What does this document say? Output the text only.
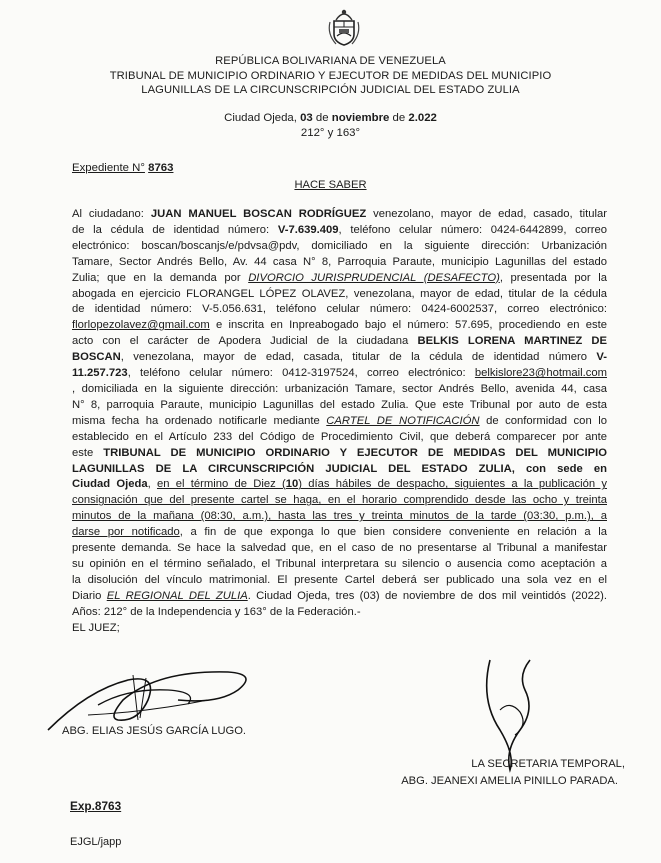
REPÚBLICA BOLIVARIANA DE VENEZUELA
TRIBUNAL DE MUNICIPIO ORDINARIO Y EJECUTOR DE MEDIDAS DEL MUNICIPIO
LAGUNILLAS DE LA CIRCUNSCRIPCIÓN JUDICIAL DEL ESTADO ZULIA
Ciudad Ojeda, 03 de noviembre de 2.022
212° y 163°
Expediente N° 8763
HACE SABER
Al ciudadano: JUAN MANUEL BOSCAN RODRÍGUEZ venezolano, mayor de edad, casado, titular
de la cédula de identidad número: V-7.639.409, teléfono celular número: 0424-6442899, correo
electrónico: boscan/boscanjs/e/pdvsa@pdv, domiciliado en la siguiente dirección: Urbanización
Tamare, Sector Andrés Bello, Av. 44 casa N° 8, Parroquia Paraute, municipio Lagunillas del estado
Zulia; que en la demanda por DIVORCIO JURISPRUDENCIAL (DESAFECTO), presentada por la
abogada en ejercicio FLORANGEL LÓPEZ OLAVEZ, venezolana, mayor de edad, titular de la cédula
de identidad número: V-5.056.631, teléfono celular número: 0424-6002537, correo electrónico:
florlopezolavez@gmail.com e inscrita en Inpreabogado bajo el número: 57.695, procediendo en este
acto con el carácter de Apodera Judicial de la ciudadana BELKIS LORENA MARTINEZ DE
BOSCAN, venezolana, mayor de edad, casada, titular de la cédula de identidad número V-
11.257.723, teléfono celular número: 0412-3197524, correo electrónico: belkislore23@hotmail.com
, domiciliada en la siguiente dirección: urbanización Tamare, sector Andrés Bello, avenida 44, casa
N° 8, parroquia Paraute, municipio Lagunillas del estado Zulia. Que este Tribunal por auto de esta
misma fecha ha ordenado notificarle mediante CARTEL DE NOTIFICACIÓN de conformidad con lo
establecido en el Artículo 233 del Código de Procedimiento Civil, que deberá comparecer por ante
este TRIBUNAL DE MUNICIPIO ORDINARIO Y EJECUTOR DE MEDIDAS DEL MUNICIPIO
LAGUNILLAS DE LA CIRCUNSCRIPCIÓN JUDICIAL DEL ESTADO ZULIA, con sede en
Ciudad Ojeda, en el término de Diez (10) días hábiles de despacho, siguientes a la publicación y
consignación que del presente cartel se haga, en el horario comprendido desde las ocho y treinta
minutos de la mañana (08:30, a.m.), hasta las tres y treinta minutos de la tarde (03:30, p.m.), a
darse por notificado, a fin de que exponga lo que bien considere conveniente en relación a la
presente demanda. Se hace la salvedad que, en el caso de no presentarse al Tribunal a manifestar
su opinión en el término señalado, el Tribunal interpretara su silencio o ausencia como aceptación a
la disolución del vínculo matrimonial. El presente Cartel deberá ser publicado una sola vez en el
Diario EL REGIONAL DEL ZULIA. Ciudad Ojeda, tres (03) de noviembre de dos mil veintidós (2022).
Años: 212° de la Independencia y 163° de la Federación.-
EL JUEZ;
ABG. ELIAS JESÚS GARCÍA LUGO.
LA SECRETARIA TEMPORAL,
ABG. JEANEXI AMELIA PINILLO PARADA.
Exp.8763
EJGL/japp
